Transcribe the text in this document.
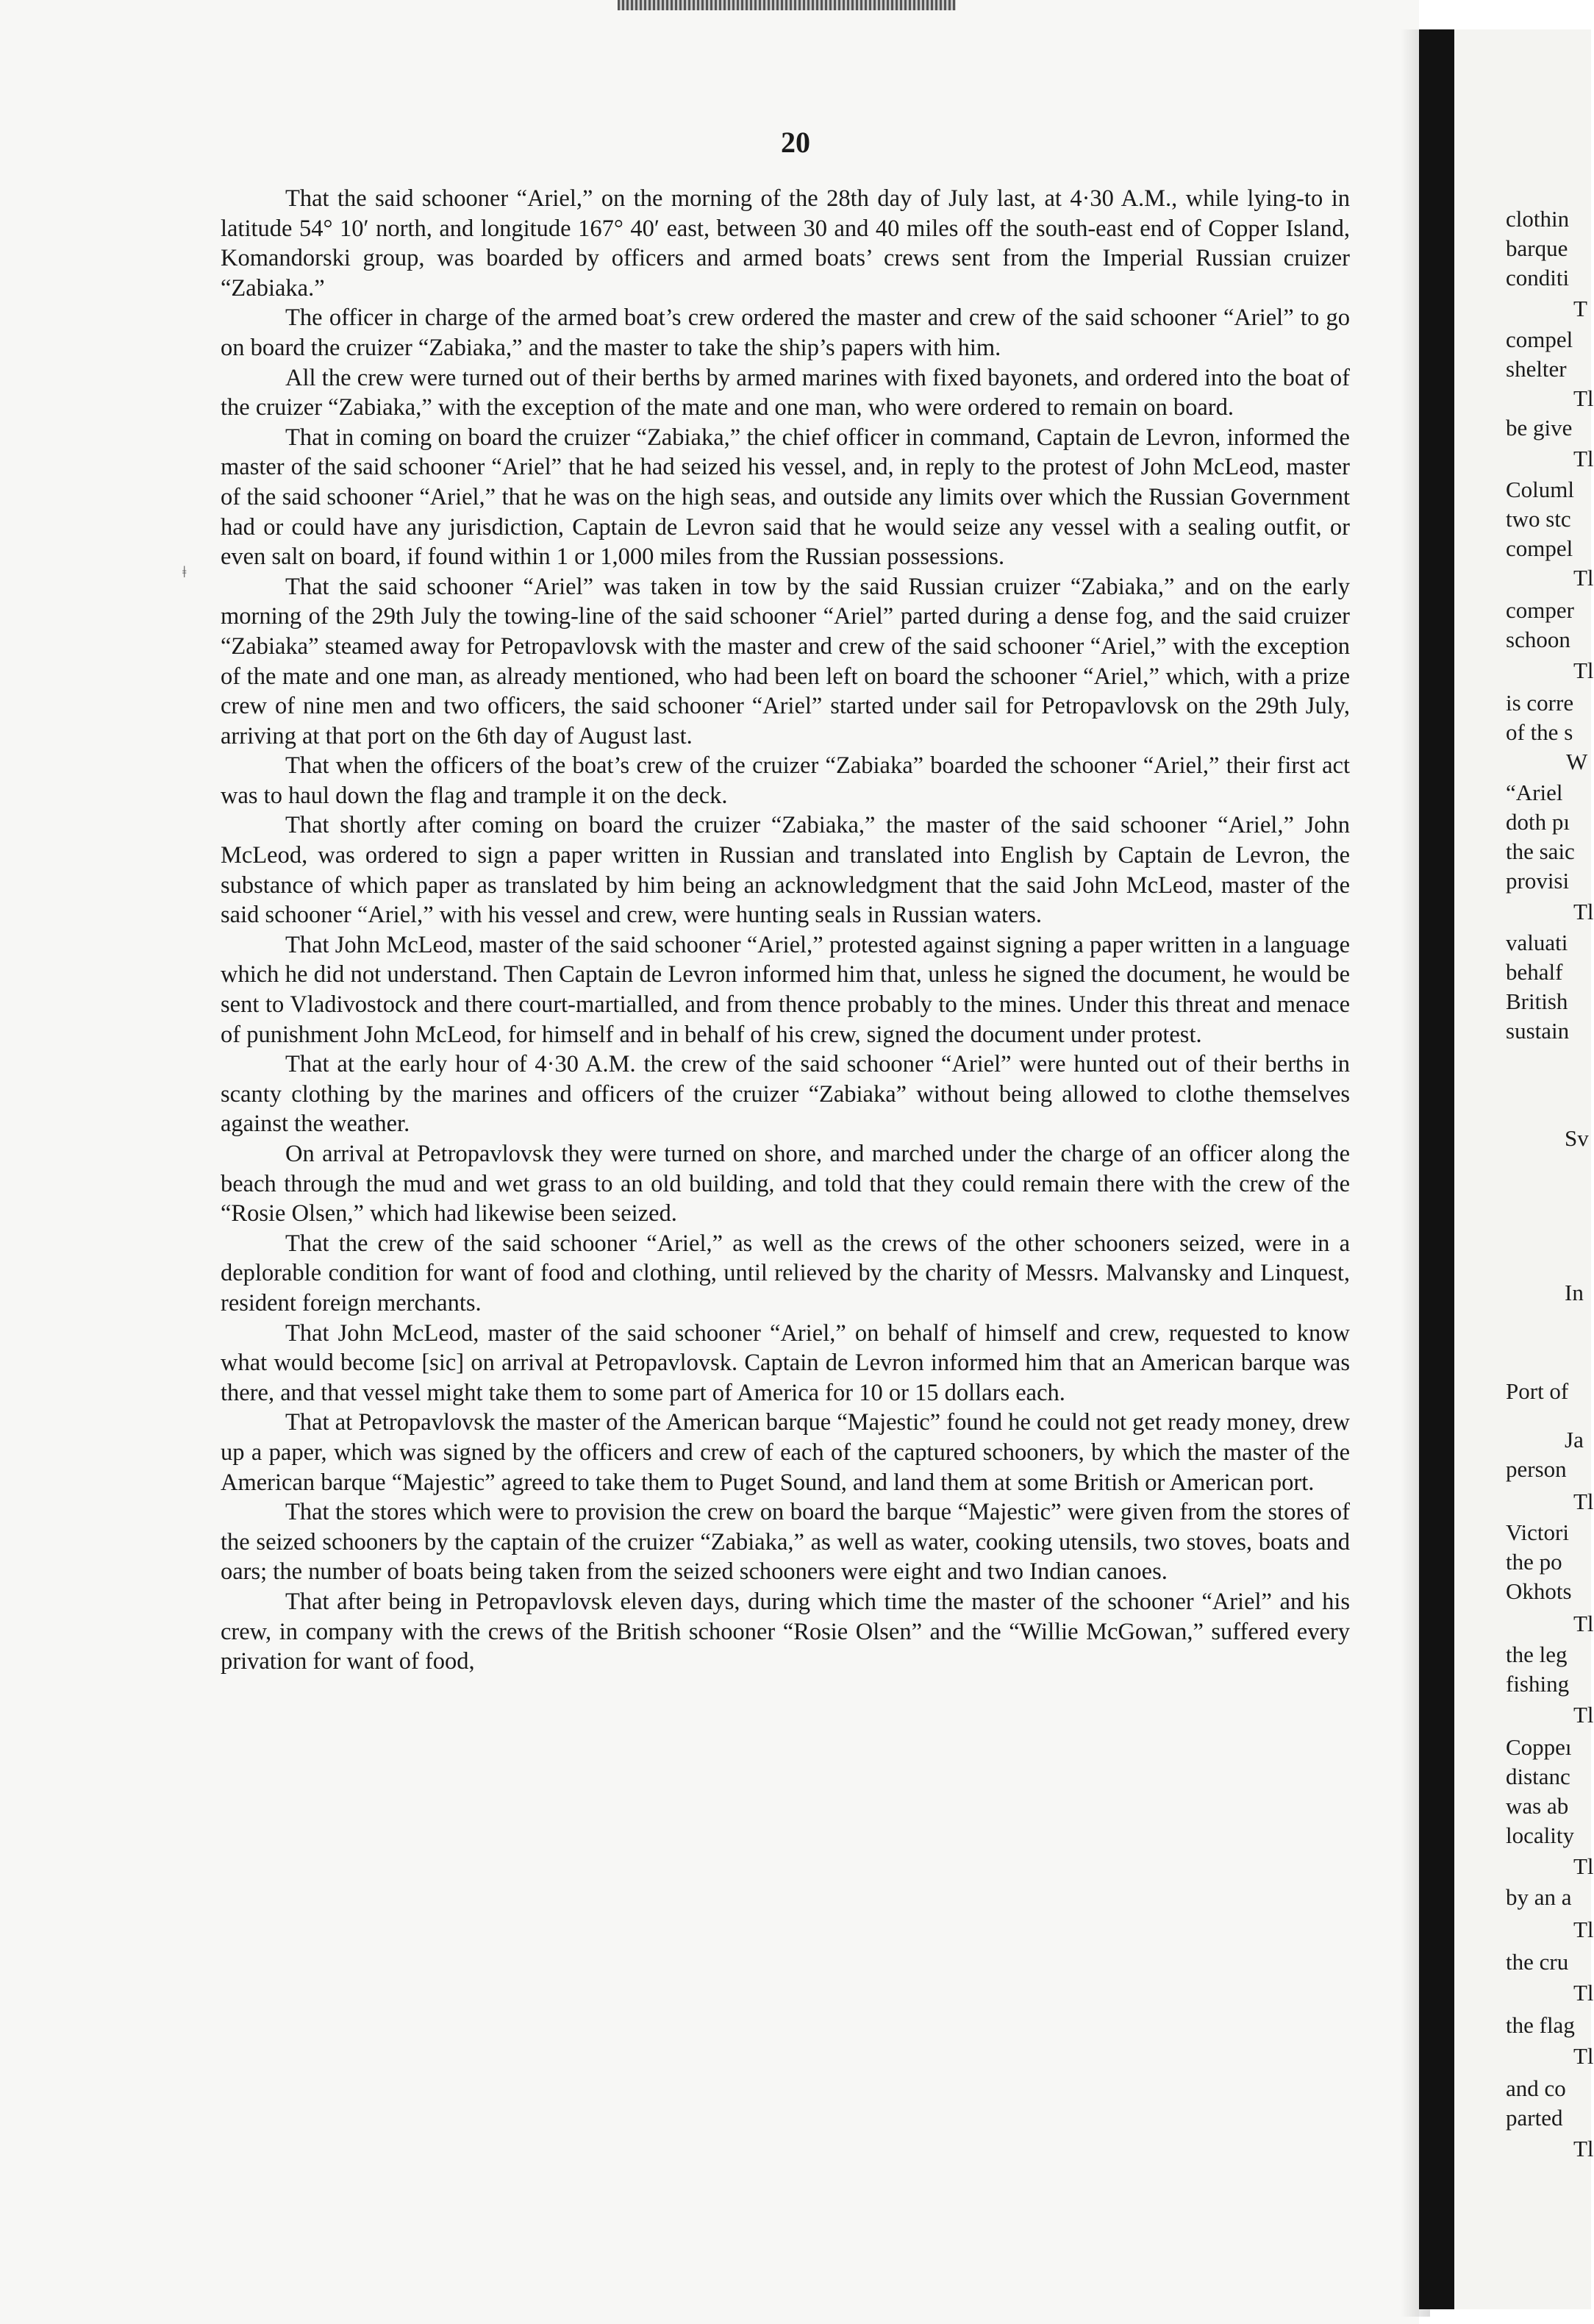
20
ǂ

That the said schooner “Ariel,” on the morning of the 28th day of July last, at 4·30 A.M., while lying-to in latitude 54° 10′ north, and longitude 167° 40′ east, between 30 and 40 miles off the south-east end of Copper Island, Komandorski group, was boarded by officers and armed boats’ crews sent from the Imperial Russian cruizer “Zabiaka.”

The officer in charge of the armed boat’s crew ordered the master and crew of the said schooner “Ariel” to go on board the cruizer “Zabiaka,” and the master to take the ship’s papers with him.

All the crew were turned out of their berths by armed marines with fixed bayonets, and ordered into the boat of the cruizer “Zabiaka,” with the exception of the mate and one man, who were ordered to remain on board.

That in coming on board the cruizer “Zabiaka,” the chief officer in command, Captain de Levron, informed the master of the said schooner “Ariel” that he had seized his vessel, and, in reply to the protest of John McLeod, master of the said schooner “Ariel,” that he was on the high seas, and outside any limits over which the Russian Government had or could have any jurisdiction, Captain de Levron said that he would seize any vessel with a sealing outfit, or even salt on board, if found within 1 or 1,000 miles from the Russian possessions.

That the said schooner “Ariel” was taken in tow by the said Russian cruizer “Zabiaka,” and on the early morning of the 29th July the towing-line of the said schooner “Ariel” parted during a dense fog, and the said cruizer “Zabiaka” steamed away for Petropavlovsk with the master and crew of the said schooner “Ariel,” with the exception of the mate and one man, as already mentioned, who had been left on board the schooner “Ariel,” which, with a prize crew of nine men and two officers, the said schooner “Ariel” started under sail for Petropavlovsk on the 29th July, arriving at that port on the 6th day of August last.

That when the officers of the boat’s crew of the cruizer “Zabiaka” boarded the schooner “Ariel,” their first act was to haul down the flag and trample it on the deck.

That shortly after coming on board the cruizer “Zabiaka,” the master of the said schooner “Ariel,” John McLeod, was ordered to sign a paper written in Russian and translated into English by Captain de Levron, the substance of which paper as translated by him being an acknowledgment that the said John McLeod, master of the said schooner “Ariel,” with his vessel and crew, were hunting seals in Russian waters.

That John McLeod, master of the said schooner “Ariel,” protested against signing a paper written in a language which he did not understand. Then Captain de Levron informed him that, unless he signed the document, he would be sent to Vladivostock and there court-martialled, and from thence probably to the mines. Under this threat and menace of punishment John McLeod, for himself and in behalf of his crew, signed the document under protest.

That at the early hour of 4·30 A.M. the crew of the said schooner “Ariel” were hunted out of their berths in scanty clothing by the marines and officers of the cruizer “Zabiaka” without being allowed to clothe themselves against the weather.

On arrival at Petropavlovsk they were turned on shore, and marched under the charge of an officer along the beach through the mud and wet grass to an old building, and told that they could remain there with the crew of the “Rosie Olsen,” which had likewise been seized.

That the crew of the said schooner “Ariel,” as well as the crews of the other schooners seized, were in a deplorable condition for want of food and clothing, until relieved by the charity of Messrs. Malvansky and Linquest, resident foreign merchants.

That John McLeod, master of the said schooner “Ariel,” on behalf of himself and crew, requested to know what would become [sic] on arrival at Petropavlovsk. Captain de Levron informed him that an American barque was there, and that vessel might take them to some part of America for 10 or 15 dollars each.

That at Petropavlovsk the master of the American barque “Majestic” found he could not get ready money, drew up a paper, which was signed by the officers and crew of each of the captured schooners, by which the master of the American barque “Majestic” agreed to take them to Puget Sound, and land them at some British or American port.

That the stores which were to provision the crew on board the barque “Majestic” were given from the stores of the seized schooners by the captain of the cruizer “Zabiaka,” as well as water, cooking utensils, two stoves, boats and oars; the number of boats being taken from the seized schooners were eight and two Indian canoes.

That after being in Petropavlovsk eleven days, during which time the master of the schooner “Ariel” and his crew, in company with the crews of the British schooner “Rosie Olsen” and the “Willie McGowan,” suffered every privation for want of food,

clothin
barque
conditi
T
compel
shelter
Tl
be give
Tl
Columl
two stc
compel
Tl
comper
schoon
Tl
is corre
of the s
W
“Ariel
doth pı
the saic
provisi
Tl
valuati
behalf
British
sustain
Sv
In
Port of
Ja
person
Tl
Victori
the po
Okhots
Tl
the leg
fishing
Tl
Coppeı
distanc
was ab
locality
Tl
by an a
Tl
the cru
Tl
the flag
Tl
and co
parted
Tl
